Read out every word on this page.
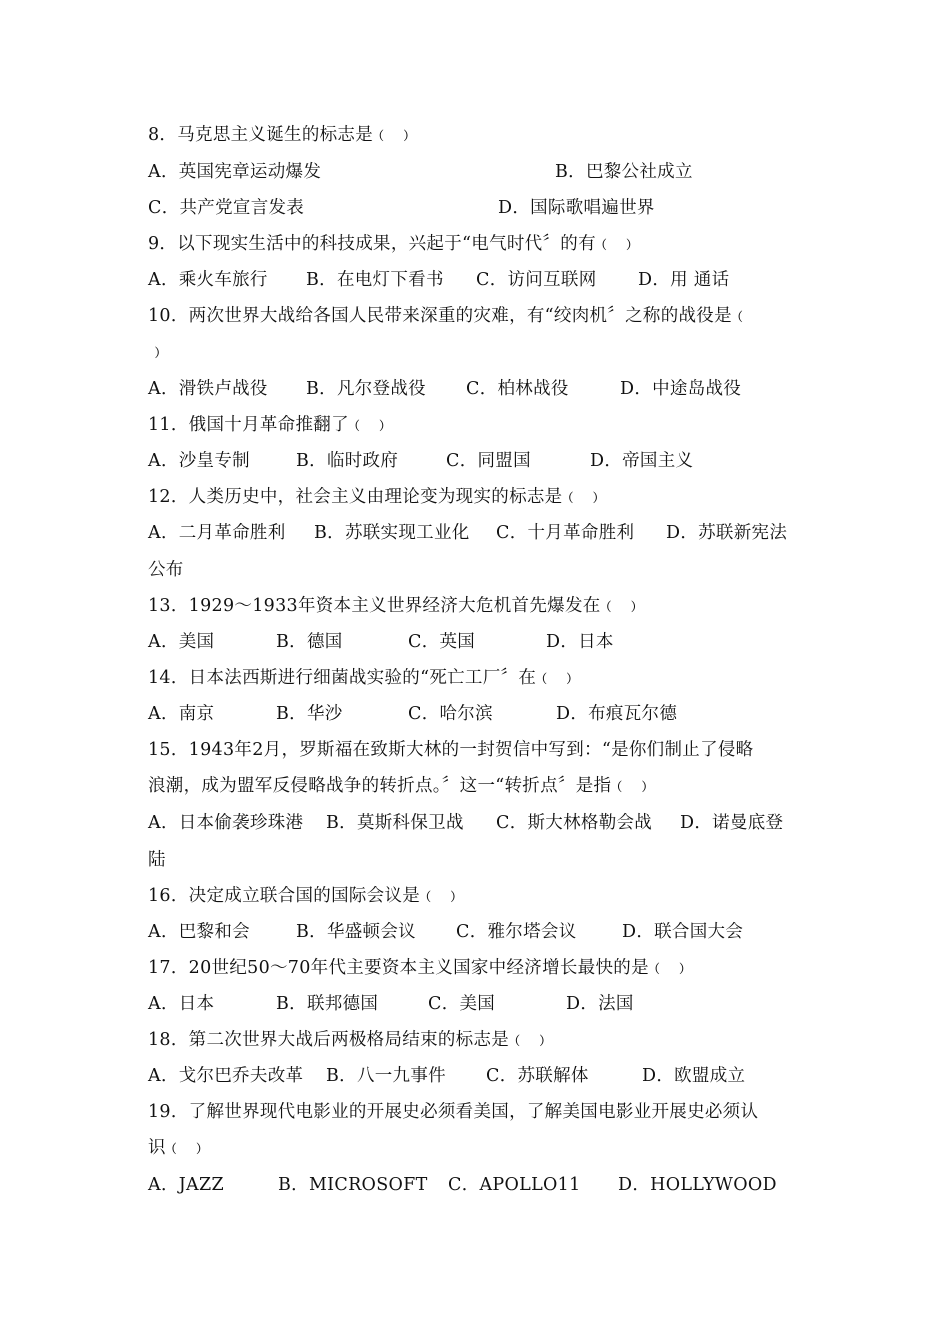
8．马克思主义诞生的标志是﹙ ﹚
A．英国宪章运动爆发	B．巴黎公社成立
C．共产党宣言发表	D．国际歌唱遍世界
9．以下现实生活中的科技成果，兴起于“电气时代〞的有﹙ ﹚
A．乘火车旅行 B．在电灯下看书 C．访问互联网 D．用 通话
10．两次世界大战给各国人民带来深重的灾难，有“绞肉机〞之称的战役是﹙
﹚
A．滑铁卢战役 B．凡尔登战役 C．柏林战役	D．中途岛战役
11．俄国十月革命推翻了﹙ ﹚
A．沙皇专制	B．临时政府	C．同盟国	D．帝国主义
12．人类历史中，社会主义由理论变为现实的标志是﹙ ﹚
A．二月革命胜利 B．苏联实现工业化 C．十月革命胜利 D．苏联新宪法
公布
13．1929～1933年资本主义世界经济大危机首先爆发在﹙ ﹚
A．美国	B．德国	C．英国	D．日本
14．日本法西斯进行细菌战实验的“死亡工厂〞在﹙ ﹚
A．南京	B．华沙	C．哈尔滨	D．布痕瓦尔德
15．1943年2月，罗斯福在致斯大林的一封贺信中写到：“是你们制止了侵略
浪潮，成为盟军反侵略战争的转折点。〞这一“转折点〞是指﹙ ﹚
A．日本偷袭珍珠港 B．莫斯科保卫战 C．斯大林格勒会战 D．诺曼底登
陆
16．决定成立联合国的国际会议是﹙ ﹚
A．巴黎和会	B．华盛顿会议 C．雅尔塔会议	D．联合国大会
17．20世纪50～70年代主要资本主义国家中经济增长最快的是﹙ ﹚
A．日本	B．联邦德国	C．美国	D．法国
18．第二次世界大战后两极格局结束的标志是﹙ ﹚
A．戈尔巴乔夫改革 B．八一九事件 C．苏联解体	D．欧盟成立
19．了解世界现代电影业的开展史必须看美国，了解美国电影业开展史必须认
识﹙ ﹚
A．JAZZ	B．MICROSOFT C．APOLLO11 D．HOLLYWOOD
